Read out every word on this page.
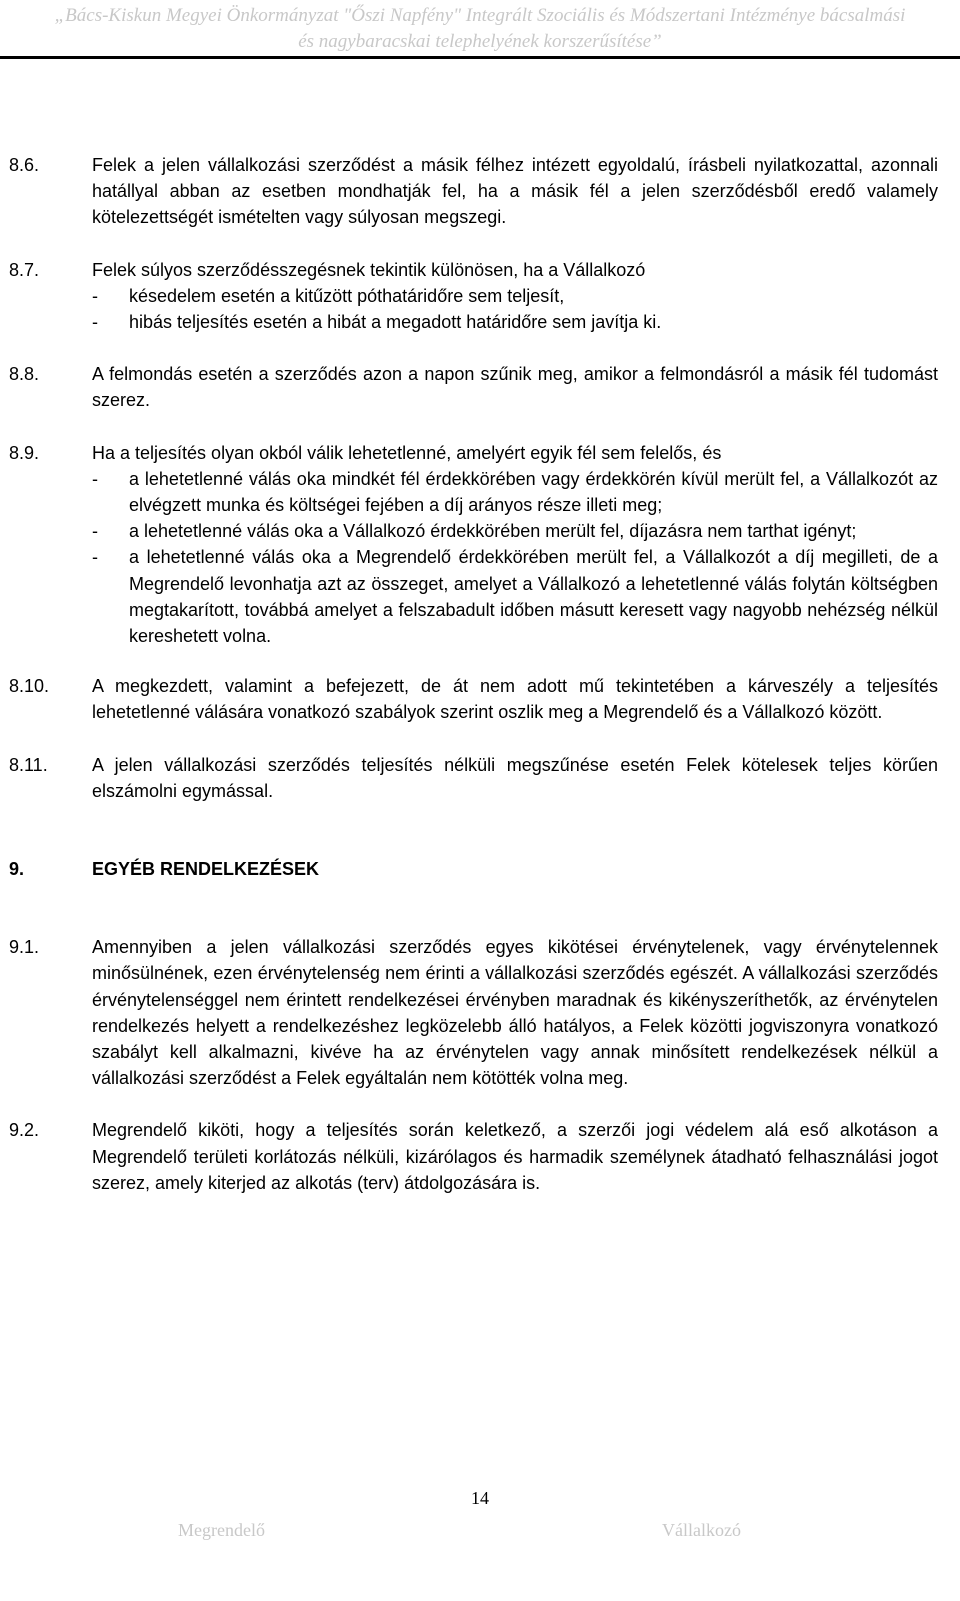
„Bács-Kiskun Megyei Önkormányzat "Őszi Napfény" Integrált Szociális és Módszertani Intézménye bácsalmási
és nagybaracskai telephelyének korszerűsítése”
8.6.	Felek a jelen vállalkozási szerződést a másik félhez intézett egyoldalú, írásbeli nyilatkozattal, azonnali hatállyal abban az esetben mondhatják fel, ha a másik fél a jelen szerződésből eredő valamely kötelezettségét ismételten vagy súlyosan megszegi.

8.7.	Felek súlyos szerződésszegésnek tekintik különösen, ha a Vállalkozó

-	késedelem esetén a kitűzött póthatáridőre sem teljesít,
-	hibás teljesítés esetén a hibát a megadott határidőre sem javítja ki.
8.8.	A felmondás esetén a szerződés azon a napon szűnik meg, amikor a felmondásról a másik fél tudomást szerez.

8.9.	Ha a teljesítés olyan okból válik lehetetlenné, amelyért egyik fél sem felelős, és

-	a lehetetlenné válás oka mindkét fél érdekkörében vagy érdekkörén kívül merült fel, a Vállalkozót az elvégzett munka és költségei fejében a díj arányos része illeti meg;
-	a lehetetlenné válás oka a Vállalkozó érdekkörében merült fel, díjazásra nem tarthat igényt;
-	a lehetetlenné válás oka a Megrendelő érdekkörében merült fel, a Vállalkozót a díj megilleti, de a Megrendelő levonhatja azt az összeget, amelyet a Vállalkozó a lehetetlenné válás folytán költségben megtakarított, továbbá amelyet a felszabadult időben másutt keresett vagy nagyobb nehézség nélkül kereshetett volna.
8.10.	A megkezdett, valamint a befejezett, de át nem adott mű tekintetében a kárveszély a teljesítés lehetetlenné válására vonatkozó szabályok szerint oszlik meg a Megrendelő és a Vállalkozó között.

8.11.	A jelen vállalkozási szerződés teljesítés nélküli megszűnése esetén Felek kötelesek teljes körűen elszámolni egymással.

9.	EGYÉB RENDELKEZÉSEK
9.1.	Amennyiben a jelen vállalkozási szerződés egyes kikötései érvénytelenek, vagy érvénytelennek minősülnének, ezen érvénytelenség nem érinti a vállalkozási szerződés egészét. A vállalkozási szerződés érvénytelenséggel nem érintett rendelkezései érvényben maradnak és kikényszeríthetők, az érvénytelen rendelkezés helyett a rendelkezéshez legközelebb álló hatályos, a Felek közötti jogviszonyra vonatkozó szabályt kell alkalmazni, kivéve ha az érvénytelen vagy annak minősített rendelkezések nélkül a vállalkozási szerződést a Felek egyáltalán nem kötötték volna meg.

9.2.	Megrendelő kiköti, hogy a teljesítés során keletkező, a szerzői jogi védelem alá eső alkotáson a Megrendelő területi korlátozás nélküli, kizárólagos és harmadik személynek átadható felhasználási jogot szerez, amely kiterjed az alkotás (terv) átdolgozására is.

14
Megrendelő	Vállalkozó
